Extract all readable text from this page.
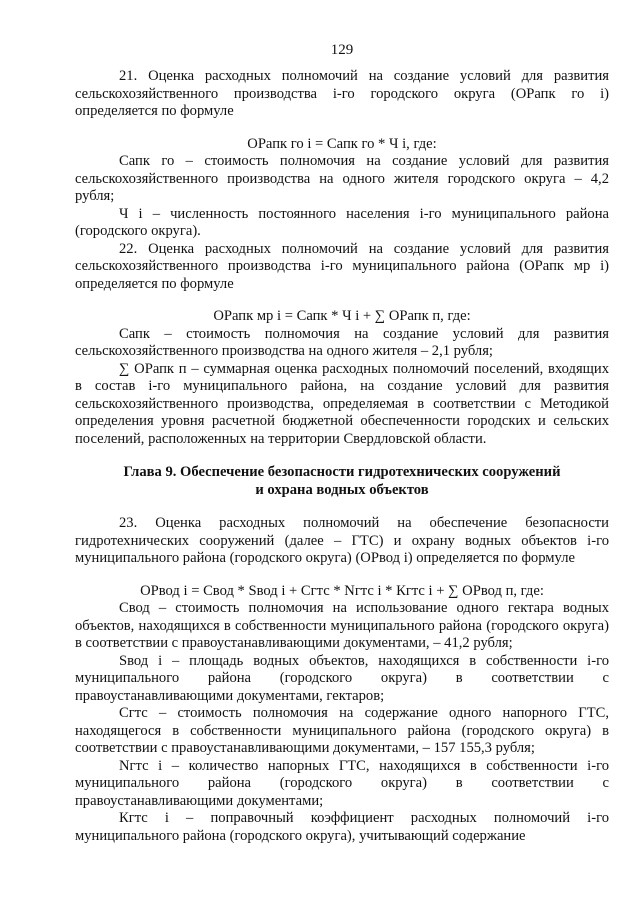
129

21. Оценка расходных полномочий на создание условий для развития сельскохозяйственного производства i-го городского округа (ОРапк го i) определяется по формуле

ОРапк го i = Сапк го * Ч i, где:

Сапк го – стоимость полномочия на создание условий для развития сельскохозяйственного производства на одного жителя городского округа – 4,2 рубля;

Ч i – численность постоянного населения i-го муниципального района (городского округа).

22. Оценка расходных полномочий на создание условий для развития сельскохозяйственного производства i-го муниципального района (ОРапк мр i) определяется по формуле

ОРапк мр i = Сапк * Ч i + ∑ ОРапк п, где:

Сапк – стоимость полномочия на создание условий для развития сельскохозяйственного производства на одного жителя – 2,1 рубля;

∑ ОРапк п – суммарная оценка расходных полномочий поселений, входящих в состав i-го муниципального района, на создание условий для развития сельскохозяйственного производства, определяемая в соответствии с Методикой определения уровня расчетной бюджетной обеспеченности городских и сельских поселений, расположенных на территории Свердловской области.

Глава 9. Обеспечение безопасности гидротехнических сооружений
и охрана водных объектов

23. Оценка расходных полномочий на обеспечение безопасности гидротехнических сооружений (далее – ГТС) и охрану водных объектов i-го муниципального района (городского округа) (ОРвод i) определяется по формуле

ОРвод i = Свод * Sвод i + Сгтс * Nгтс i * Кгтс i + ∑ ОРвод п, где:

Свод – стоимость полномочия на использование одного гектара водных объектов, находящихся в собственности муниципального района (городского округа) в соответствии с правоустанавливающими документами, – 41,2 рубля;

Sвод i – площадь водных объектов, находящихся в собственности i-го муниципального района (городского округа) в соответствии с правоустанавливающими документами, гектаров;

Сгтс – стоимость полномочия на содержание одного напорного ГТС, находящегося в собственности муниципального района (городского округа) в соответствии с правоустанавливающими документами, – 157 155,3 рубля;

Nгтс i – количество напорных ГТС, находящихся в собственности i-го муниципального района (городского округа) в соответствии с правоустанавливающими документами;

Кгтс i – поправочный коэффициент расходных полномочий i-го муниципального района (городского округа), учитывающий содержание
